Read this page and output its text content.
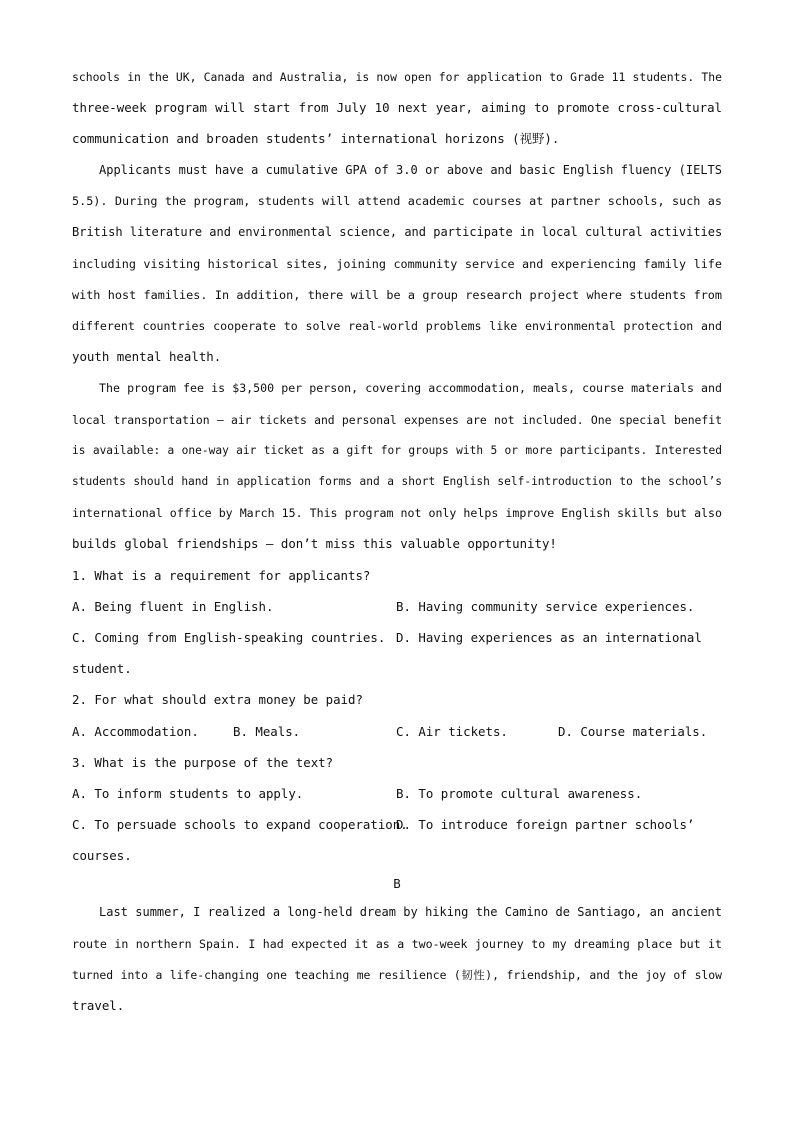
schools in the UK, Canada and Australia, is now open for application to Grade 11 students. The
three-week program will start from July 10 next year, aiming to promote cross-cultural
communication and broaden students’ international horizons (视野).
Applicants must have a cumulative GPA of 3.0 or above and basic English fluency (IELTS
5.5). During the program, students will attend academic courses at partner schools, such as
British literature and environmental science, and participate in local cultural activities
including visiting historical sites, joining community service and experiencing family life
with host families. In addition, there will be a group research project where students from
different countries cooperate to solve real-world problems like environmental protection and
youth mental health.
The program fee is $3,500 per person, covering accommodation, meals, course materials and
local transportation — air tickets and personal expenses are not included. One special benefit
is available: a one-way air ticket as a gift for groups with 5 or more participants. Interested
students should hand in application forms and a short English self-introduction to the school’s
international office by March 15. This program not only helps improve English skills but also
builds global friendships — don’t miss this valuable opportunity!
1. What is a requirement for applicants?
A. Being fluent in English.	B. Having community service experiences.
C. Coming from English-speaking countries. D. Having experiences as an international
student.
2. For what should extra money be paid?
A. Accommodation.	B. Meals.	C. Air tickets.	D. Course materials.
3. What is the purpose of the text?
A. To inform students to apply.	B. To promote cultural awareness.
C. To persuade schools to expand cooperation.
D. To introduce foreign partner schools’
courses.
B
Last summer, I realized a long-held dream by hiking the Camino de Santiago, an ancient
route in northern Spain. I had expected it as a two-week journey to my dreaming place but it
turned into a life-changing one teaching me resilience (韧性), friendship, and the joy of slow
travel.
